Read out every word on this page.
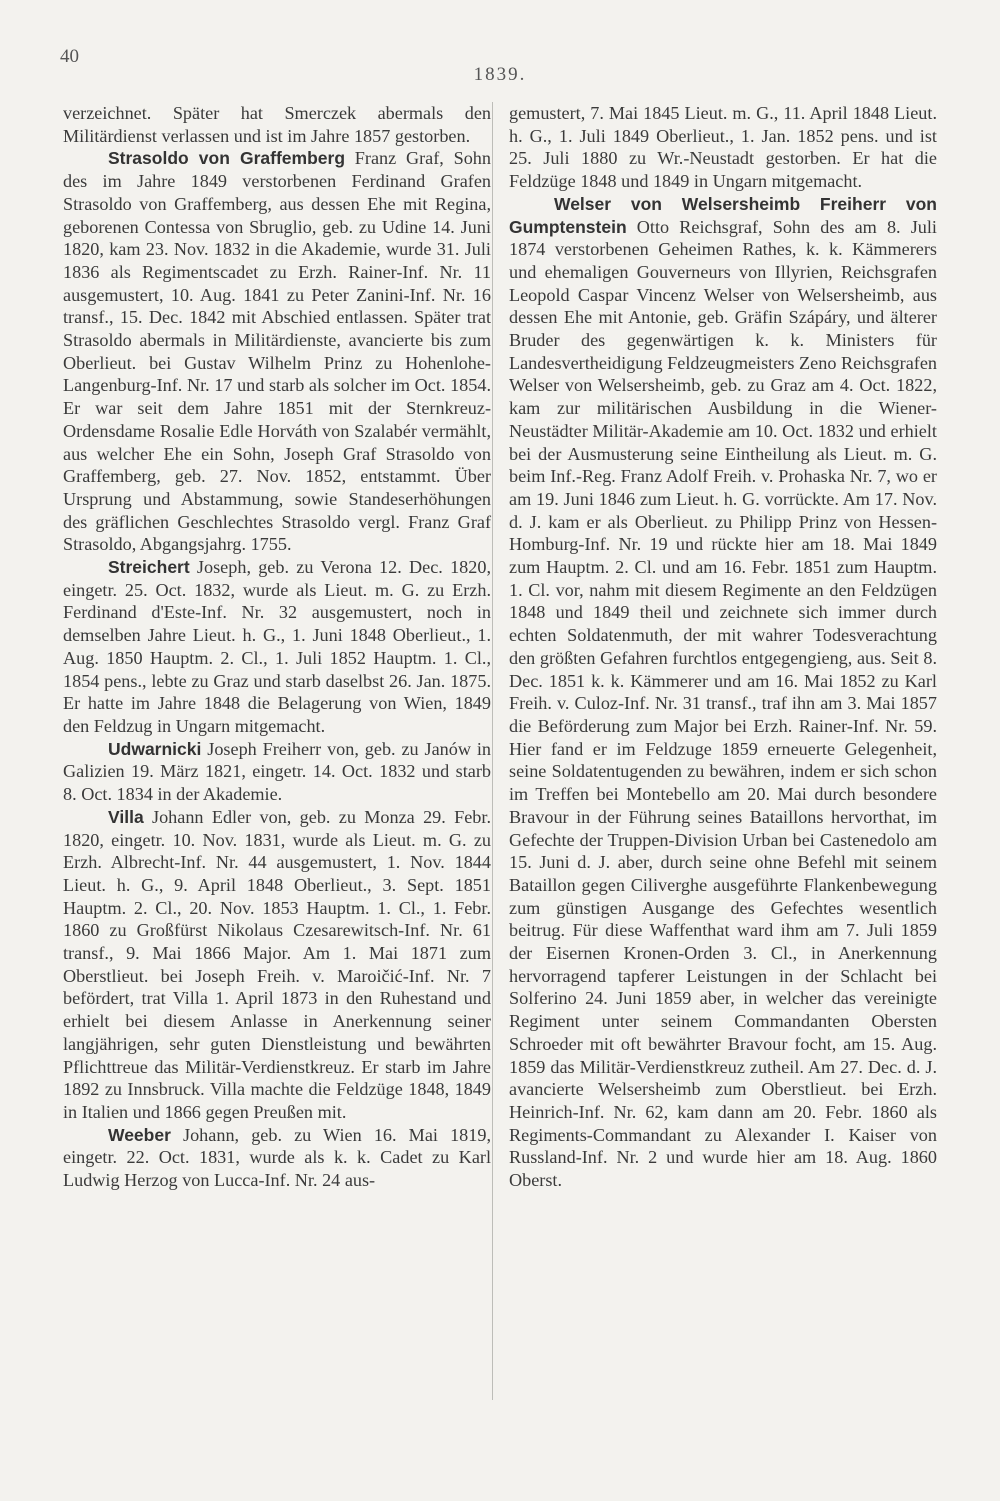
40
1839.

verzeichnet. Später hat Smerczek abermals den Militärdienst verlassen und ist im Jahre 1857 gestorben.

Strasoldo von Graffemberg Franz Graf, Sohn des im Jahre 1849 verstorbenen Ferdinand Grafen Strasoldo von Graffemberg, aus dessen Ehe mit Regina, geborenen Contessa von Sbruglio, geb. zu Udine 14. Juni 1820, kam 23. Nov. 1832 in die Akademie, wurde 31. Juli 1836 als Regimentscadet zu Erzh. Rainer-Inf. Nr. 11 ausgemustert, 10. Aug. 1841 zu Peter Zanini-Inf. Nr. 16 transf., 15. Dec. 1842 mit Abschied entlassen. Später trat Strasoldo abermals in Militärdienste, avancierte bis zum Oberlieut. bei Gustav Wilhelm Prinz zu Hohenlohe-Langenburg-Inf. Nr. 17 und starb als solcher im Oct. 1854. Er war seit dem Jahre 1851 mit der Sternkreuz-Ordensdame Rosalie Edle Horváth von Szalabér vermählt, aus welcher Ehe ein Sohn, Joseph Graf Strasoldo von Graffemberg, geb. 27. Nov. 1852, entstammt. Über Ursprung und Abstammung, sowie Standeserhöhungen des gräflichen Geschlechtes Strasoldo vergl. Franz Graf Strasoldo, Abgangsjahrg. 1755.

Streichert Joseph, geb. zu Verona 12. Dec. 1820, eingetr. 25. Oct. 1832, wurde als Lieut. m. G. zu Erzh. Ferdinand d'Este-Inf. Nr. 32 ausgemustert, noch in demselben Jahre Lieut. h. G., 1. Juni 1848 Oberlieut., 1. Aug. 1850 Hauptm. 2. Cl., 1. Juli 1852 Hauptm. 1. Cl., 1854 pens., lebte zu Graz und starb daselbst 26. Jan. 1875. Er hatte im Jahre 1848 die Belagerung von Wien, 1849 den Feldzug in Ungarn mitgemacht.

Udwarnicki Joseph Freiherr von, geb. zu Janów in Galizien 19. März 1821, eingetr. 14. Oct. 1832 und starb 8. Oct. 1834 in der Akademie.

Villa Johann Edler von, geb. zu Monza 29. Febr. 1820, eingetr. 10. Nov. 1831, wurde als Lieut. m. G. zu Erzh. Albrecht-Inf. Nr. 44 ausgemustert, 1. Nov. 1844 Lieut. h. G., 9. April 1848 Oberlieut., 3. Sept. 1851 Hauptm. 2. Cl., 20. Nov. 1853 Hauptm. 1. Cl., 1. Febr. 1860 zu Großfürst Nikolaus Czesarewitsch-Inf. Nr. 61 transf., 9. Mai 1866 Major. Am 1. Mai 1871 zum Oberstlieut. bei Joseph Freih. v. Maroičić-Inf. Nr. 7 befördert, trat Villa 1. April 1873 in den Ruhestand und erhielt bei diesem Anlasse in Anerkennung seiner langjährigen, sehr guten Dienstleistung und bewährten Pflichttreue das Militär-Verdienstkreuz. Er starb im Jahre 1892 zu Innsbruck. Villa machte die Feldzüge 1848, 1849 in Italien und 1866 gegen Preußen mit.

Weeber Johann, geb. zu Wien 16. Mai 1819, eingetr. 22. Oct. 1831, wurde als k. k. Cadet zu Karl Ludwig Herzog von Lucca-Inf. Nr. 24 aus-

gemustert, 7. Mai 1845 Lieut. m. G., 11. April 1848 Lieut. h. G., 1. Juli 1849 Oberlieut., 1. Jan. 1852 pens. und ist 25. Juli 1880 zu Wr.-Neustadt gestorben. Er hat die Feldzüge 1848 und 1849 in Ungarn mitgemacht.

Welser von Welsersheimb Freiherr von Gumptenstein Otto Reichsgraf, Sohn des am 8. Juli 1874 verstorbenen Geheimen Rathes, k. k. Kämmerers und ehemaligen Gouverneurs von Illyrien, Reichsgrafen Leopold Caspar Vincenz Welser von Welsersheimb, aus dessen Ehe mit Antonie, geb. Gräfin Szápáry, und älterer Bruder des gegenwärtigen k. k. Ministers für Landesvertheidigung Feldzeugmeisters Zeno Reichsgrafen Welser von Welsersheimb, geb. zu Graz am 4. Oct. 1822, kam zur militärischen Ausbildung in die Wiener-Neustädter Militär-Akademie am 10. Oct. 1832 und erhielt bei der Ausmusterung seine Eintheilung als Lieut. m. G. beim Inf.-Reg. Franz Adolf Freih. v. Prohaska Nr. 7, wo er am 19. Juni 1846 zum Lieut. h. G. vorrückte. Am 17. Nov. d. J. kam er als Oberlieut. zu Philipp Prinz von Hessen-Homburg-Inf. Nr. 19 und rückte hier am 18. Mai 1849 zum Hauptm. 2. Cl. und am 16. Febr. 1851 zum Hauptm. 1. Cl. vor, nahm mit diesem Regimente an den Feldzügen 1848 und 1849 theil und zeichnete sich immer durch echten Soldatenmuth, der mit wahrer Todesverachtung den größten Gefahren furchtlos entgegengieng, aus. Seit 8. Dec. 1851 k. k. Kämmerer und am 16. Mai 1852 zu Karl Freih. v. Culoz-Inf. Nr. 31 transf., traf ihn am 3. Mai 1857 die Beförderung zum Major bei Erzh. Rainer-Inf. Nr. 59. Hier fand er im Feldzuge 1859 erneuerte Gelegenheit, seine Soldatentugenden zu bewähren, indem er sich schon im Treffen bei Montebello am 20. Mai durch besondere Bravour in der Führung seines Bataillons hervorthat, im Gefechte der Truppen-Division Urban bei Castenedolo am 15. Juni d. J. aber, durch seine ohne Befehl mit seinem Bataillon gegen Ciliverghe ausgeführte Flankenbewegung zum günstigen Ausgange des Gefechtes wesentlich beitrug. Für diese Waffenthat ward ihm am 7. Juli 1859 der Eisernen Kronen-Orden 3. Cl., in Anerkennung hervorragend tapferer Leistungen in der Schlacht bei Solferino 24. Juni 1859 aber, in welcher das vereinigte Regiment unter seinem Commandanten Obersten Schroeder mit oft bewährter Bravour focht, am 15. Aug. 1859 das Militär-Verdienstkreuz zutheil. Am 27. Dec. d. J. avancierte Welsersheimb zum Oberstlieut. bei Erzh. Heinrich-Inf. Nr. 62, kam dann am 20. Febr. 1860 als Regiments-Commandant zu Alexander I. Kaiser von Russland-Inf. Nr. 2 und wurde hier am 18. Aug. 1860 Oberst.
